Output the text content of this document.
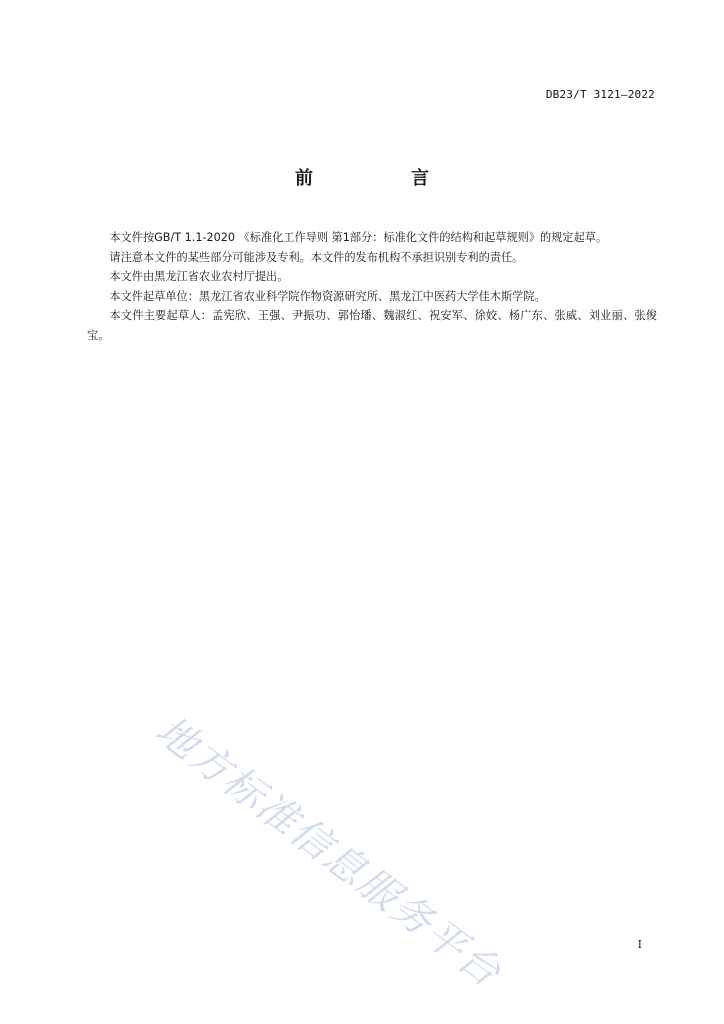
DB23/T 3121—2022
前　言

本文件按GB/T 1.1-2020 《标准化工作导则 第1部分：标准化文件的结构和起草规则》的规定起草。

请注意本文件的某些部分可能涉及专利。本文件的发布机构不承担识别专利的责任。

本文件由黑龙江省农业农村厅提出。

本文件起草单位：黑龙江省农业科学院作物资源研究所、黑龙江中医药大学佳木斯学院。

本文件主要起草人：孟宪欣、王强、尹振功、郭怡璠、魏淑红、祝安军、徐姣、杨广东、张威、刘业丽、张俊宝。

地方标准信息服务平台	I
